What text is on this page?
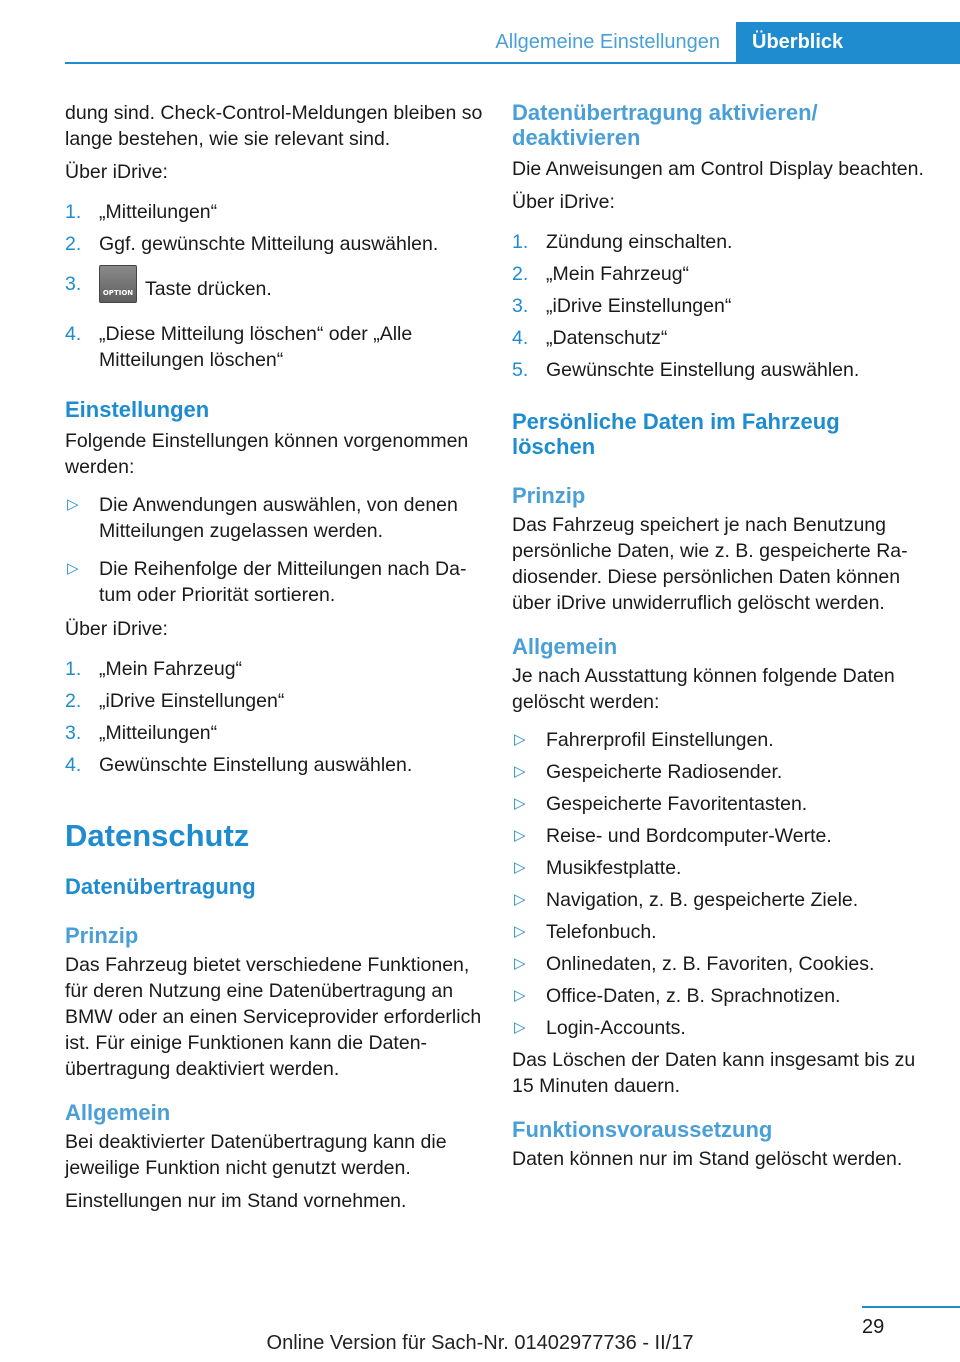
Allgemeine Einstellungen	Überblick

dung sind. Check-Control-Meldungen bleiben so lange bestehen, wie sie relevant sind.

Über iDrive:

1. „Mitteilungen“
2. Ggf. gewünschte Mitteilung auswählen.
3.	OPTION Taste drücken.
4. „Diese Mitteilung löschen“ oder „Alle Mitteilungen löschen“
Einstellungen

Folgende Einstellungen können vorgenommen werden:

▷ Die Anwendungen auswählen, von denen Mitteilungen zugelassen werden.
▷ Die Reihenfolge der Mitteilungen nach Datum oder Priorität sortieren.

Über iDrive:

1. „Mein Fahrzeug“
2. „iDrive Einstellungen“
3. „Mitteilungen“
4. Gewünschte Einstellung auswählen.
Datenschutz
Datenübertragung
Prinzip

Das Fahrzeug bietet verschiedene Funktionen, für deren Nutzung eine Datenübertragung an BMW oder an einen Serviceprovider erforderlich ist. Für einige Funktionen kann die Datenübertragung deaktiviert werden.

Allgemein

Bei deaktivierter Datenübertragung kann die jeweilige Funktion nicht genutzt werden.

Einstellungen nur im Stand vornehmen.

Datenübertragung aktivieren/ deaktivieren

Die Anweisungen am Control Display beachten.

Über iDrive:

1. Zündung einschalten.
2. „Mein Fahrzeug“
3. „iDrive Einstellungen“
4. „Datenschutz“
5. Gewünschte Einstellung auswählen.
Persönliche Daten im Fahrzeug löschen
Prinzip

Das Fahrzeug speichert je nach Benutzung persönliche Daten, wie z. B. gespeicherte Radiosender. Diese persönlichen Daten können über iDrive unwiderruflich gelöscht werden.

Allgemein

Je nach Ausstattung können folgende Daten gelöscht werden:

▷ Fahrerprofil Einstellungen.
▷ Gespeicherte Radiosender.
▷ Gespeicherte Favoritentasten.
▷ Reise- und Bordcomputer-Werte.
▷ Musikfestplatte.
▷ Navigation, z. B. gespeicherte Ziele.
▷ Telefonbuch.
▷ Onlinedaten, z. B. Favoriten, Cookies.
▷ Office-Daten, z. B. Sprachnotizen.
▷ Login-Accounts.

Das Löschen der Daten kann insgesamt bis zu 15 Minuten dauern.

Funktionsvoraussetzung

Daten können nur im Stand gelöscht werden.

29
Online Version für Sach-Nr. 01402977736 - II/17
